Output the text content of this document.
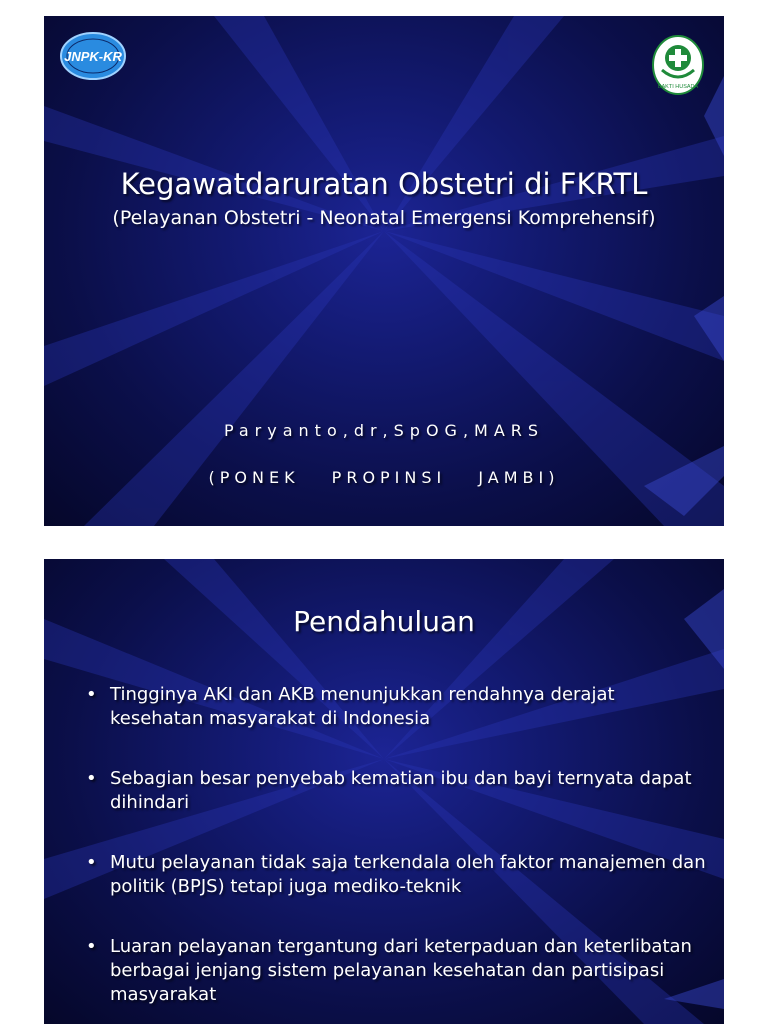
JNPK-KR
BAKTI HUSADA
Kegawatdaruratan Obstetri di FKRTL
(Pelayanan Obstetri - Neonatal Emergensi Komprehensif)
Paryanto,dr,SpOG,MARS
(PONEK PROPINSI JAMBI)
Pendahuluan
• Tingginya AKI dan AKB menunjukkan rendahnya derajat kesehatan masyarakat di Indonesia
• Sebagian besar penyebab kematian ibu dan bayi ternyata dapat dihindari
• Mutu pelayanan tidak saja terkendala oleh faktor manajemen dan politik (BPJS) tetapi juga mediko-teknik
• Luaran pelayanan tergantung dari keterpaduan dan keterlibatan berbagai jenjang sistem pelayanan kesehatan dan partisipasi masyarakat
